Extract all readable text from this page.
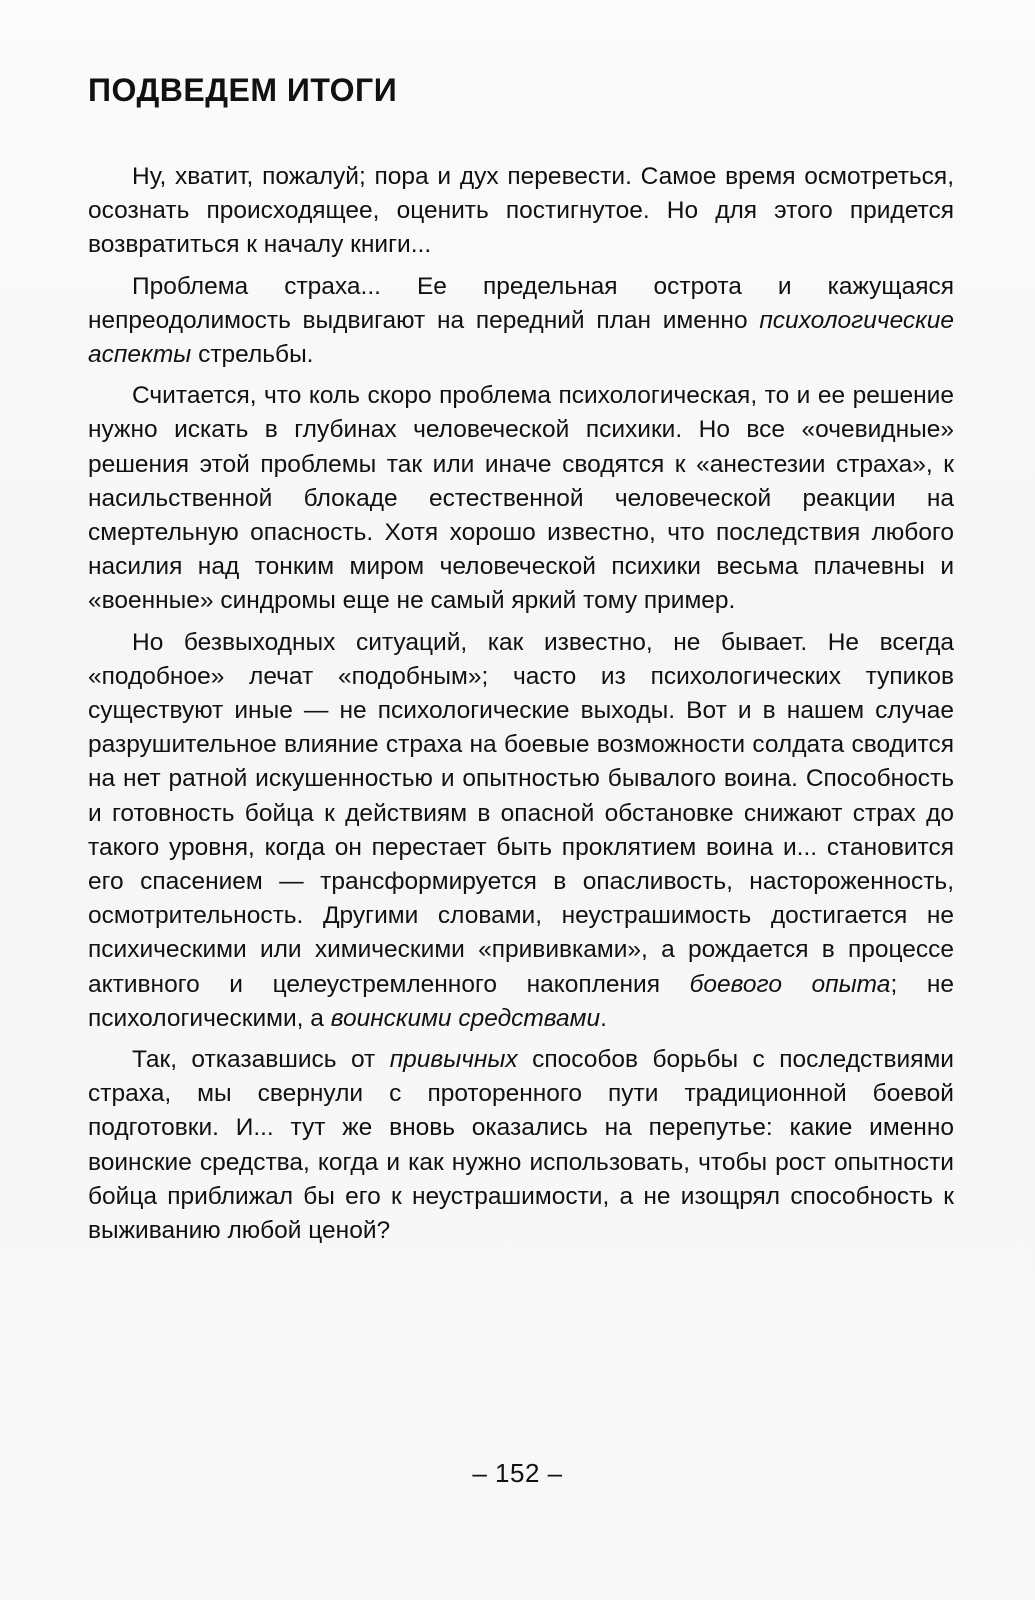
ПОДВЕДЕМ ИТОГИ

Ну, хватит, пожалуй; пора и дух перевести. Самое время осмотреться, осознать происходящее, оценить постигнутое. Но для этого придется возвратиться к началу книги...

Проблема страха... Ее предельная острота и кажущаяся непреодолимость выдвигают на передний план именно психологические аспекты стрельбы.

Считается, что коль скоро проблема психологическая, то и ее решение нужно искать в глубинах человеческой психики. Но все «очевидные» решения этой проблемы так или иначе сводятся к «анестезии страха», к насильственной блокаде естественной человеческой реакции на смертельную опасность. Хотя хорошо известно, что последствия любого насилия над тонким миром человеческой психики весьма плачевны и «военные» синдромы еще не самый яркий тому пример.

Но безвыходных ситуаций, как известно, не бывает. Не всегда «подобное» лечат «подобным»; часто из психологических тупиков существуют иные — не психологические выходы. Вот и в нашем случае разрушительное влияние страха на боевые возможности солдата сводится на нет ратной искушенностью и опытностью бывалого воина. Способность и готовность бойца к действиям в опасной обстановке снижают страх до такого уровня, когда он перестает быть проклятием воина и... становится его спасением — трансформируется в опасливость, настороженность, осмотрительность. Другими словами, неустрашимость достигается не психическими или химическими «прививками», а рождается в процессе активного и целеустремленного накопления боевого опыта; не психологическими, а воинскими средствами.

Так, отказавшись от привычных способов борьбы с последствиями страха, мы свернули с проторенного пути традиционной боевой подготовки. И... тут же вновь оказались на перепутье: какие именно воинские средства, когда и как нужно использовать, чтобы рост опытности бойца приближал бы его к неустрашимости, а не изощрял способность к выживанию любой ценой?

– 152 –
